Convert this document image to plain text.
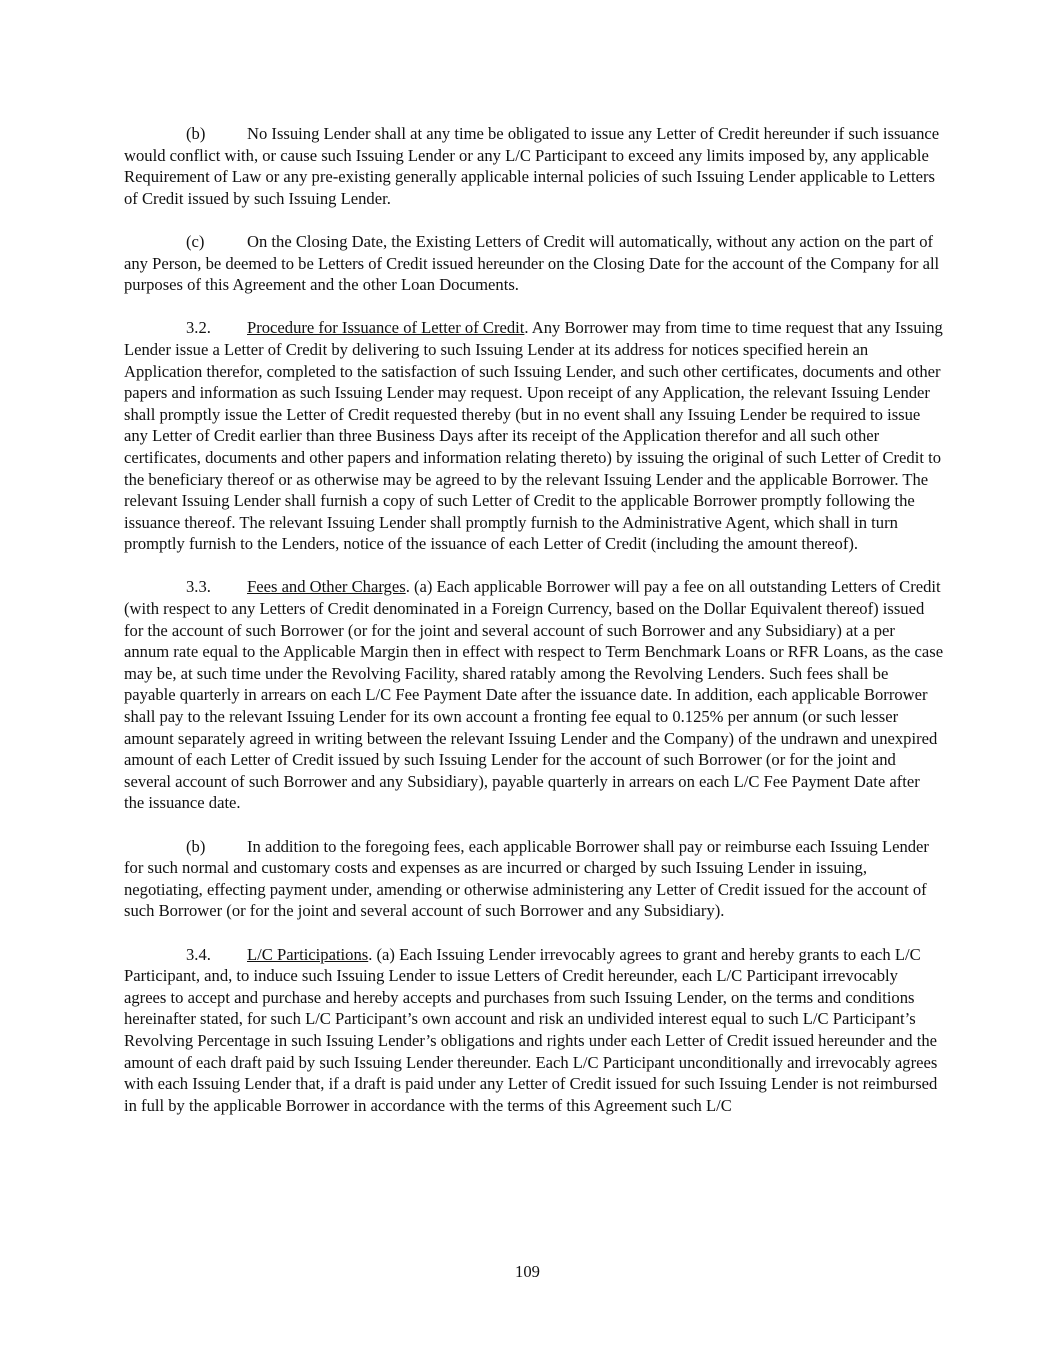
(b)	No Issuing Lender shall at any time be obligated to issue any Letter of Credit hereunder if such issuance would conflict with, or cause such Issuing Lender or any L/C Participant to exceed any limits imposed by, any applicable Requirement of Law or any pre-existing generally applicable internal policies of such Issuing Lender applicable to Letters of Credit issued by such Issuing Lender.

(c)	On the Closing Date, the Existing Letters of Credit will automatically, without any action on the part of any Person, be deemed to be Letters of Credit issued hereunder on the Closing Date for the account of the Company for all purposes of this Agreement and the other Loan Documents.

3.2. Procedure for Issuance of Letter of Credit. Any Borrower may from time to time request that any Issuing Lender issue a Letter of Credit by delivering to such Issuing Lender at its address for notices specified herein an Application therefor, completed to the satisfaction of such Issuing Lender, and such other certificates, documents and other papers and information as such Issuing Lender may request. Upon receipt of any Application, the relevant Issuing Lender shall promptly issue the Letter of Credit requested thereby (but in no event shall any Issuing Lender be required to issue any Letter of Credit earlier than three Business Days after its receipt of the Application therefor and all such other certificates, documents and other papers and information relating thereto) by issuing the original of such Letter of Credit to the beneficiary thereof or as otherwise may be agreed to by the relevant Issuing Lender and the applicable Borrower. The relevant Issuing Lender shall furnish a copy of such Letter of Credit to the applicable Borrower promptly following the issuance thereof. The relevant Issuing Lender shall promptly furnish to the Administrative Agent, which shall in turn promptly furnish to the Lenders, notice of the issuance of each Letter of Credit (including the amount thereof).

3.3. Fees and Other Charges. (a) Each applicable Borrower will pay a fee on all outstanding Letters of Credit (with respect to any Letters of Credit denominated in a Foreign Currency, based on the Dollar Equivalent thereof) issued for the account of such Borrower (or for the joint and several account of such Borrower and any Subsidiary) at a per annum rate equal to the Applicable Margin then in effect with respect to Term Benchmark Loans or RFR Loans, as the case may be, at such time under the Revolving Facility, shared ratably among the Revolving Lenders. Such fees shall be payable quarterly in arrears on each L/C Fee Payment Date after the issuance date. In addition, each applicable Borrower shall pay to the relevant Issuing Lender for its own account a fronting fee equal to 0.125% per annum (or such lesser amount separately agreed in writing between the relevant Issuing Lender and the Company) of the undrawn and unexpired amount of each Letter of Credit issued by such Issuing Lender for the account of such Borrower (or for the joint and several account of such Borrower and any Subsidiary), payable quarterly in arrears on each L/C Fee Payment Date after the issuance date.

(b)	In addition to the foregoing fees, each applicable Borrower shall pay or reimburse each Issuing Lender for such normal and customary costs and expenses as are incurred or charged by such Issuing Lender in issuing, negotiating, effecting payment under, amending or otherwise administering any Letter of Credit issued for the account of such Borrower (or for the joint and several account of such Borrower and any Subsidiary).

3.4. L/C Participations. (a) Each Issuing Lender irrevocably agrees to grant and hereby grants to each L/C Participant, and, to induce such Issuing Lender to issue Letters of Credit hereunder, each L/C Participant irrevocably agrees to accept and purchase and hereby accepts and purchases from such Issuing Lender, on the terms and conditions hereinafter stated, for such L/C Participant’s own account and risk an undivided interest equal to such L/C Participant’s Revolving Percentage in such Issuing Lender’s obligations and rights under each Letter of Credit issued hereunder and the amount of each draft paid by such Issuing Lender thereunder. Each L/C Participant unconditionally and irrevocably agrees with each Issuing Lender that, if a draft is paid under any Letter of Credit issued for such Issuing Lender is not reimbursed in full by the applicable Borrower in accordance with the terms of this Agreement such L/C

109
